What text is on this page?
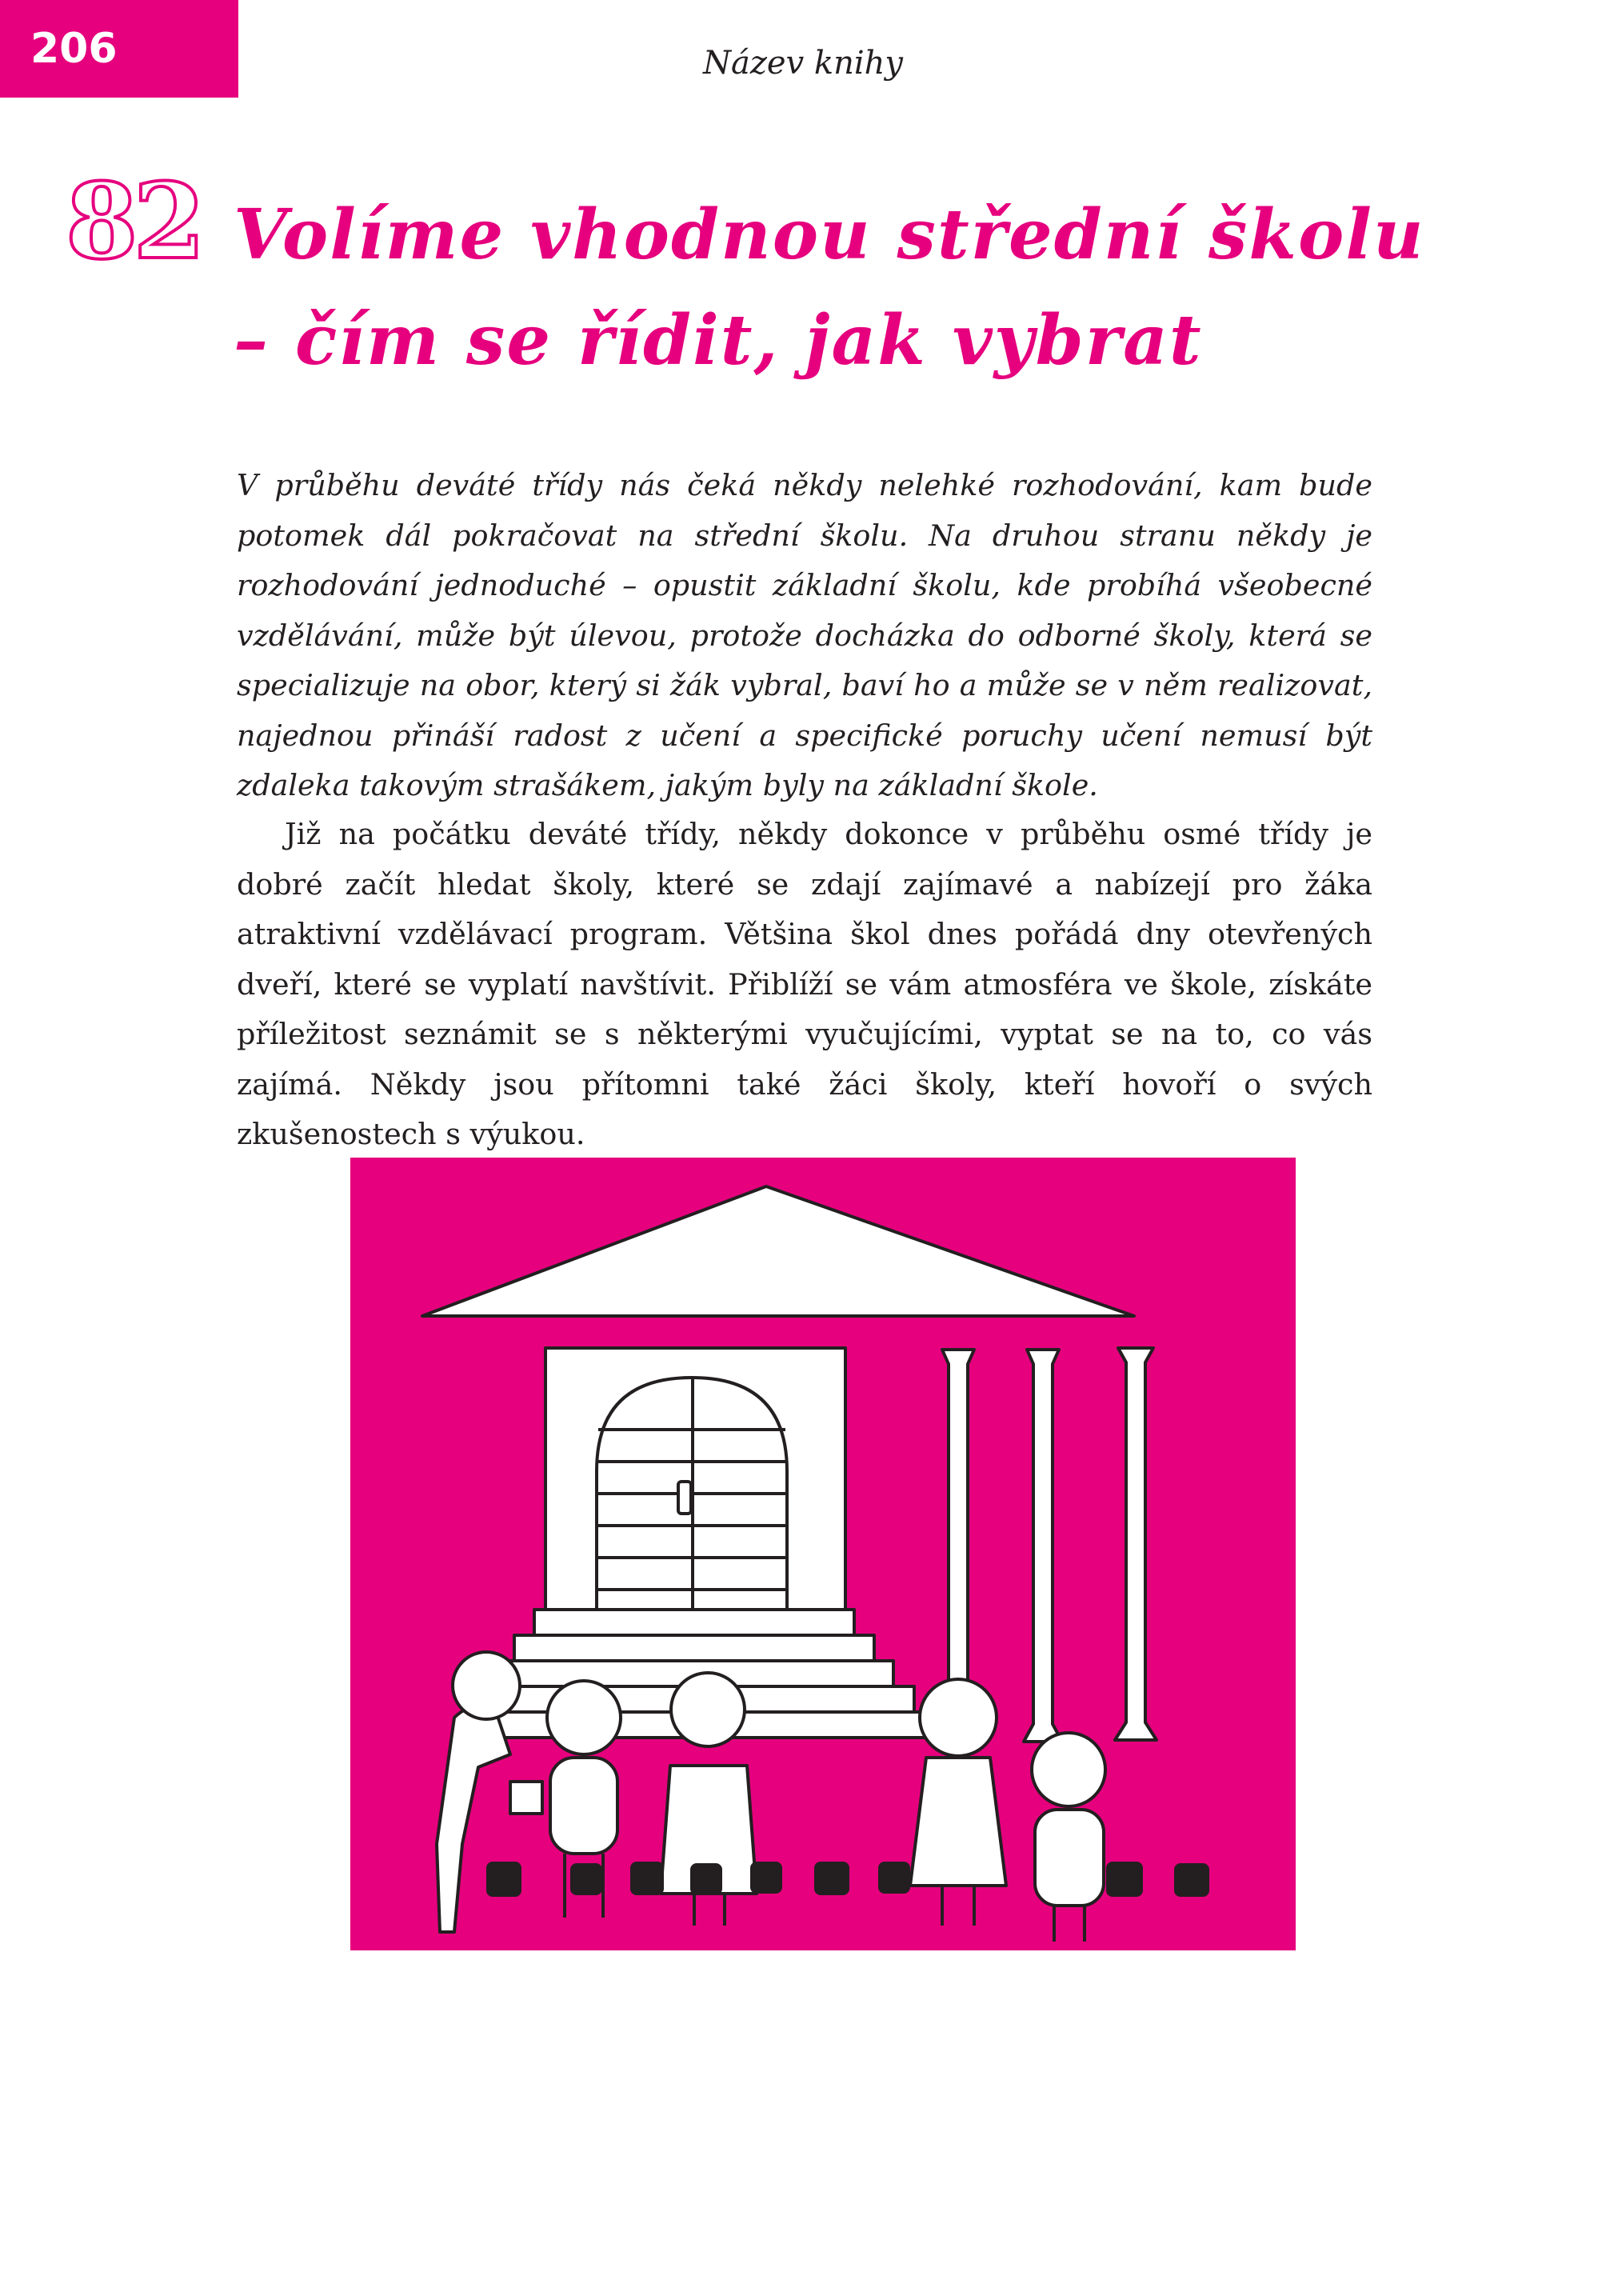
206	Název knihy
82 Volíme vhodnou střední školu – čím se řídit, jak vybrat

V průběhu deváté třídy nás čeká někdy nelehké rozhodování, kam bude potomek dál pokračovat na střední školu. Na druhou stranu někdy je rozhodování jednoduché – opustit základní školu, kde probíhá všeobecné vzdělávání, může být úlevou, protože docházka do odborné školy, která se specializuje na obor, který si žák vybral, baví ho a může se v něm realizovat, najednou přináší radost z učení a specifické poruchy učení nemusí být zdaleka takovým strašákem, jakým byly na základní škole.

Již na počátku deváté třídy, někdy dokonce v průběhu osmé třídy je dobré začít hledat školy, které se zdají zajímavé a nabízejí pro žáka atraktivní vzdělávací program. Většina škol dnes pořádá dny otevřených dveří, které se vyplatí navštívit. Přiblíží se vám atmosféra ve škole, získáte příležitost seznámit se s některými vyučujícími, vyptat se na to, co vás zajímá. Někdy jsou přítomni také žáci školy, kteří hovoří o svých zkušenostech s výukou.
